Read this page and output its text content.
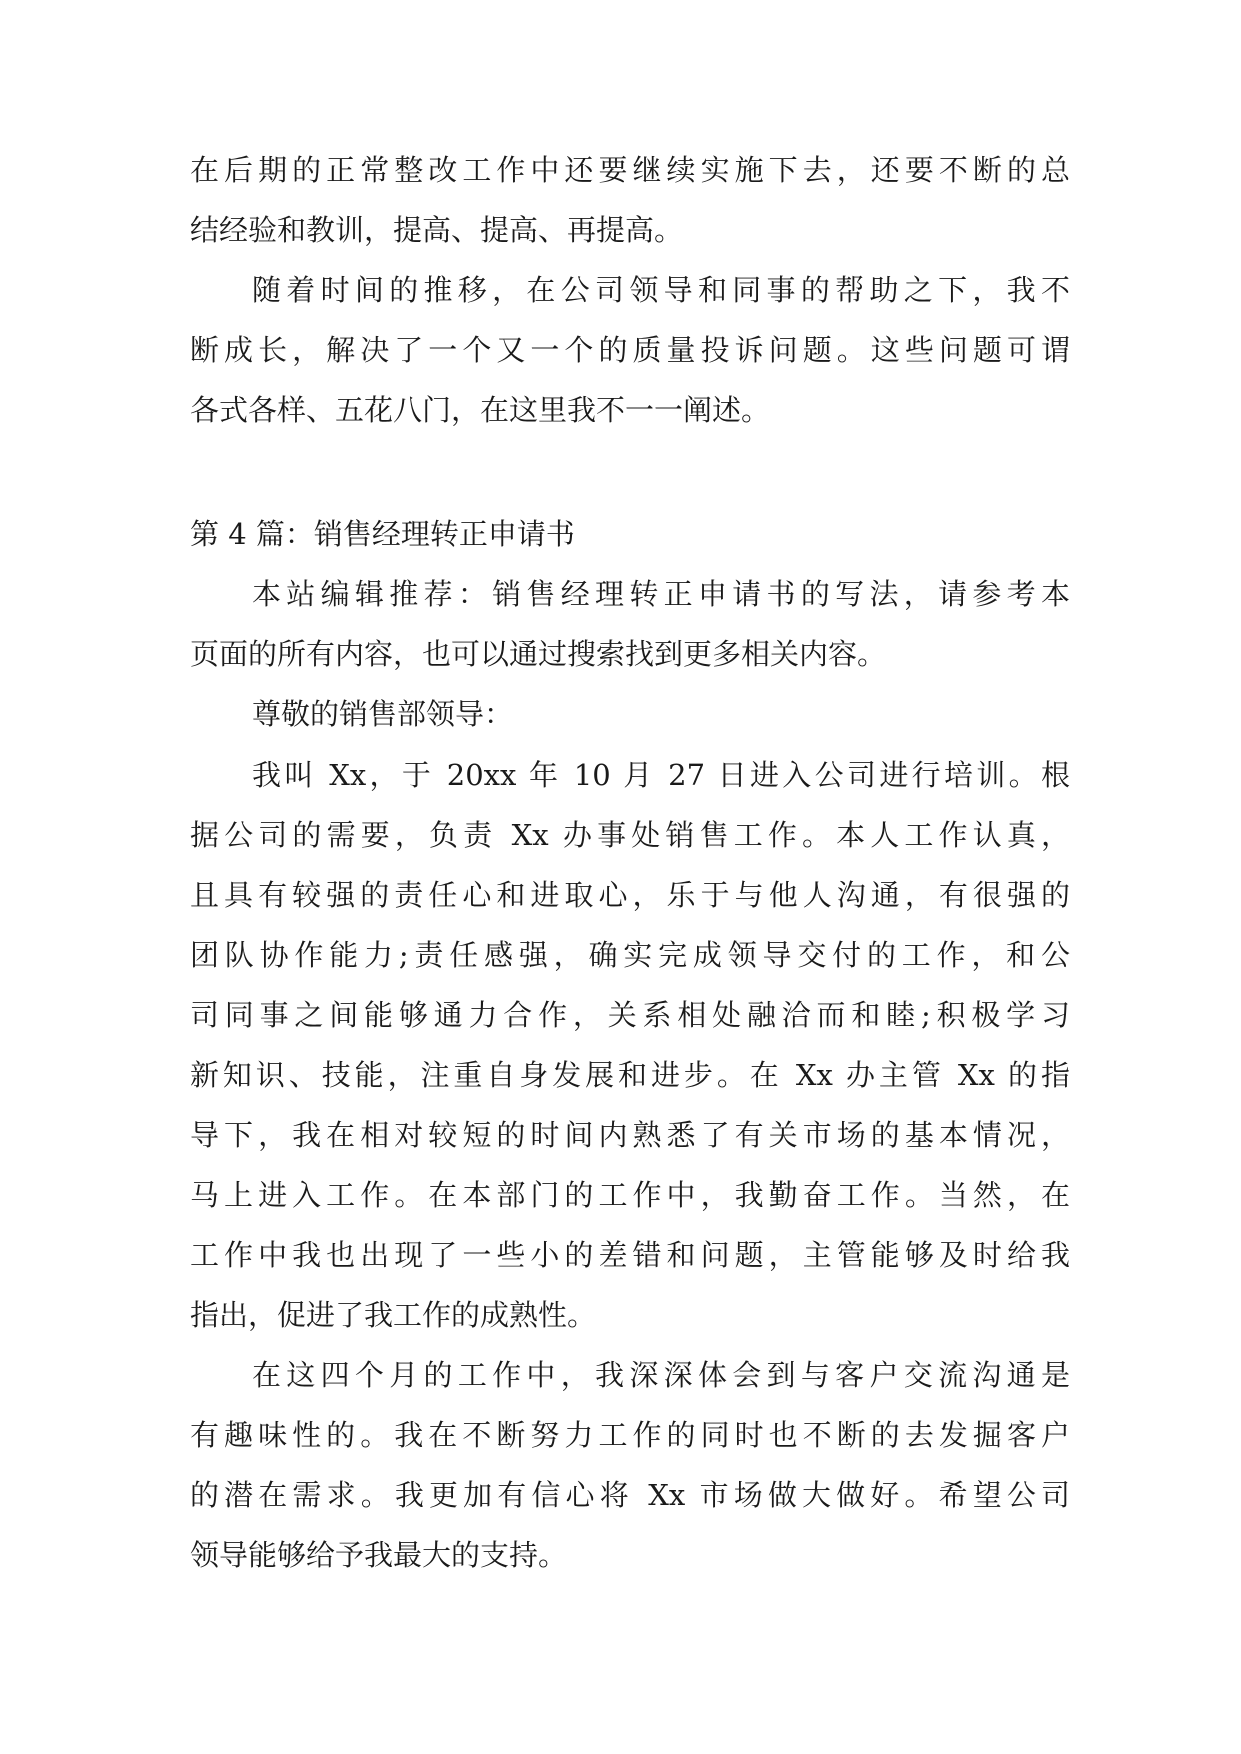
在后期的正常整改工作中还要继续实施下去，还要不断的总

结经验和教训，提高、提高、再提高。

随着时间的推移，在公司领导和同事的帮助之下，我不

断成长，解决了一个又一个的质量投诉问题。这些问题可谓

各式各样、五花八门，在这里我不一一阐述。

第 4 篇：销售经理转正申请书

本站编辑推荐：销售经理转正申请书的写法，请参考本

页面的所有内容，也可以通过搜索找到更多相关内容。

尊敬的销售部领导：

我叫 Xx，于 20xx 年 10 月 27 日进入公司进行培训。根

据公司的需要，负责 Xx 办事处销售工作。本人工作认真，

且具有较强的责任心和进取心，乐于与他人沟通，有很强的

团队协作能力;责任感强，确实完成领导交付的工作，和公

司同事之间能够通力合作，关系相处融洽而和睦;积极学习

新知识、技能，注重自身发展和进步。在 Xx 办主管 Xx 的指

导下，我在相对较短的时间内熟悉了有关市场的基本情况，

马上进入工作。在本部门的工作中，我勤奋工作。当然，在

工作中我也出现了一些小的差错和问题，主管能够及时给我

指出，促进了我工作的成熟性。

在这四个月的工作中，我深深体会到与客户交流沟通是

有趣味性的。我在不断努力工作的同时也不断的去发掘客户

的潜在需求。我更加有信心将 Xx 市场做大做好。希望公司

领导能够给予我最大的支持。
